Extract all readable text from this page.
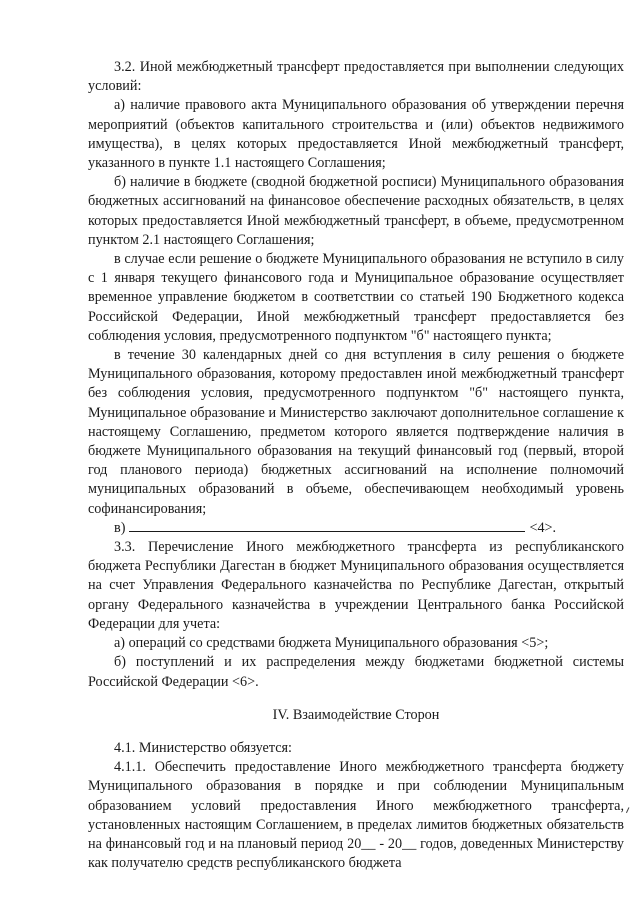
3.2. Иной межбюджетный трансферт предоставляется при выполнении следующих условий:

а) наличие правового акта Муниципального образования об утверждении перечня мероприятий (объектов капитального строительства и (или) объектов недвижимого имущества), в целях которых предоставляется Иной межбюджетный трансферт, указанного в пункте 1.1 настоящего Соглашения;

б) наличие в бюджете (сводной бюджетной росписи) Муниципального образования бюджетных ассигнований на финансовое обеспечение расходных обязательств, в целях которых предоставляется Иной межбюджетный трансферт, в объеме, предусмотренном пунктом 2.1 настоящего Соглашения;

в случае если решение о бюджете Муниципального образования не вступило в силу с 1 января текущего финансового года и Муниципальное образование осуществляет временное управление бюджетом в соответствии со статьей 190 Бюджетного кодекса Российской Федерации, Иной межбюджетный трансферт предоставляется без соблюдения условия, предусмотренного подпунктом "б" настоящего пункта;

в течение 30 календарных дней со дня вступления в силу решения о бюджете Муниципального образования, которому предоставлен иной межбюджетный трансферт без соблюдения условия, предусмотренного подпунктом "б" настоящего пункта, Муниципальное образование и Министерство заключают дополнительное соглашение к настоящему Соглашению, предметом которого является подтверждение наличия в бюджете Муниципального образования на текущий финансовый год (первый, второй год планового периода) бюджетных ассигнований на исполнение полномочий муниципальных образований в объеме, обеспечивающем необходимый уровень софинансирования;

в)	<4>.

3.3. Перечисление Иного межбюджетного трансферта из республиканского бюджета Республики Дагестан в бюджет Муниципального образования осуществляется на счет Управления Федерального казначейства по Республике Дагестан, открытый органу Федерального казначейства в учреждении Центрального банка Российской Федерации для учета:

а) операций со средствами бюджета Муниципального образования <5>;

б) поступлений и их распределения между бюджетами бюджетной системы Российской Федерации <6>.

IV. Взаимодействие Сторон

4.1. Министерство обязуется:

4.1.1. Обеспечить предоставление Иного межбюджетного трансферта бюджету Муниципального образования в порядке и при соблюдении Муниципальным образованием условий предоставления Иного межбюджетного трансферта, установленных настоящим Соглашением, в пределах лимитов бюджетных обязательств на финансовый год и на плановый период 20__ - 20__ годов, доведенных Министерству как получателю средств республиканского бюджета
